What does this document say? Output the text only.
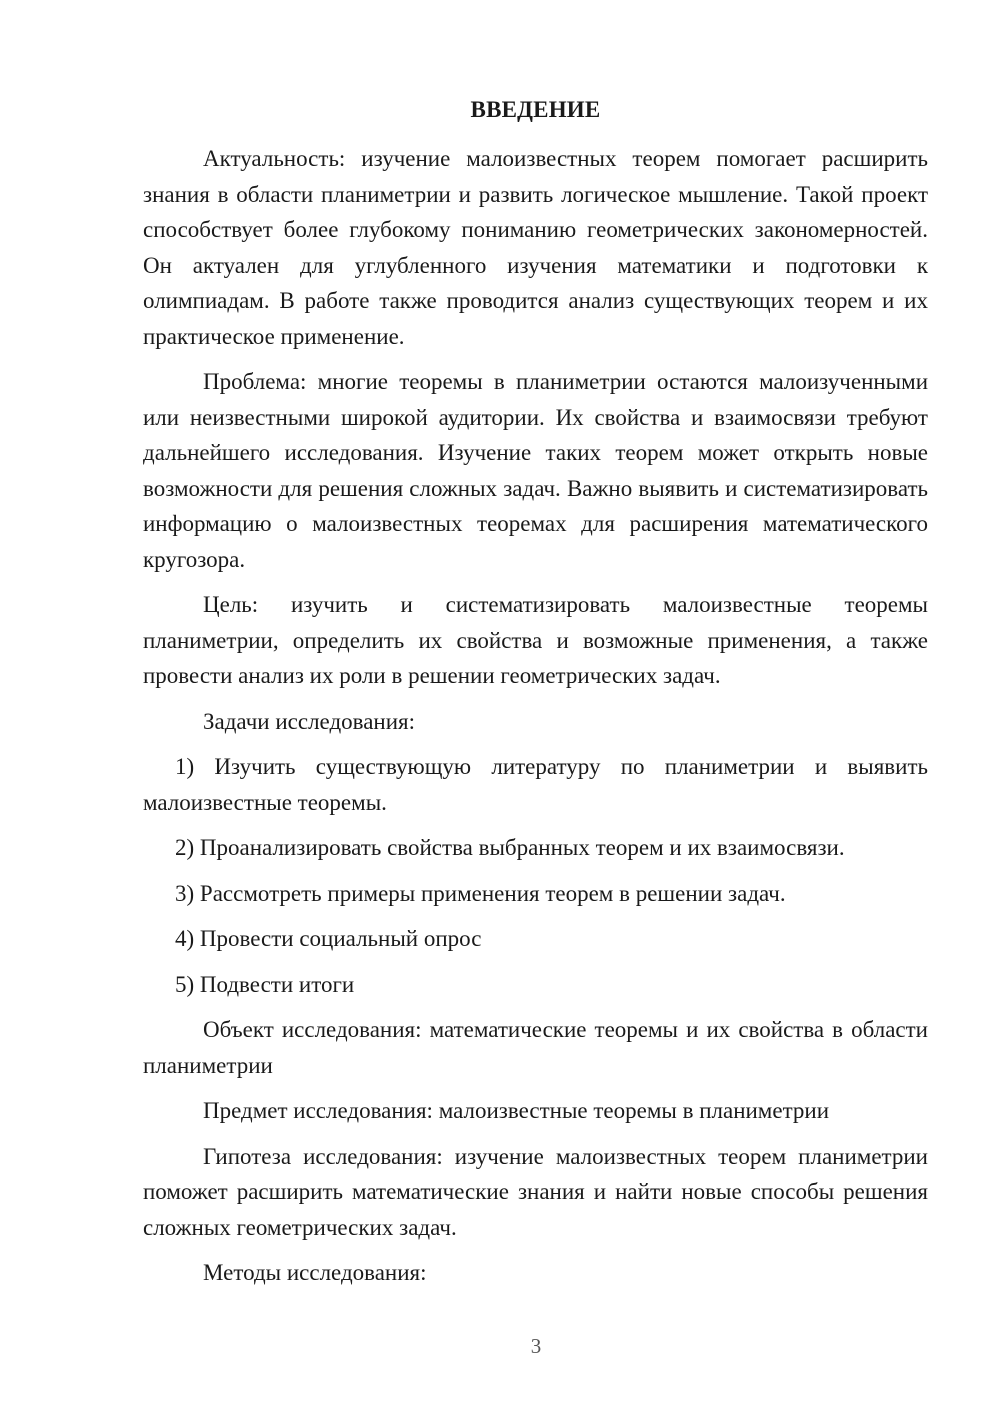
ВВЕДЕНИЕ

Актуальность: изучение малоизвестных теорем помогает расширить знания в области планиметрии и развить логическое мышление. Такой проект способствует более глубокому пониманию геометрических закономерностей. Он актуален для углубленного изучения математики и подготовки к олимпиадам. В работе также проводится анализ существующих теорем и их практическое применение.

Проблема: многие теоремы в планиметрии остаются малоизученными или неизвестными широкой аудитории. Их свойства и взаимосвязи требуют дальнейшего исследования. Изучение таких теорем может открыть новые возможности для решения сложных задач. Важно выявить и систематизировать информацию о малоизвестных теоремах для расширения математического кругозора.

Цель: изучить и систематизировать малоизвестные теоремы планиметрии, определить их свойства и возможные применения, а также провести анализ их роли в решении геометрических задач.

Задачи исследования:

1) Изучить существующую литературу по планиметрии и выявить малоизвестные теоремы.

2) Проанализировать свойства выбранных теорем и их взаимосвязи.

3) Рассмотреть примеры применения теорем в решении задач.

4) Провести социальный опрос

5) Подвести итоги

Объект исследования: математические теоремы и их свойства в области планиметрии

Предмет исследования: малоизвестные теоремы в планиметрии

Гипотеза исследования: изучение малоизвестных теорем планиметрии поможет расширить математические знания и найти новые способы решения сложных геометрических задач.

Методы исследования:

3
